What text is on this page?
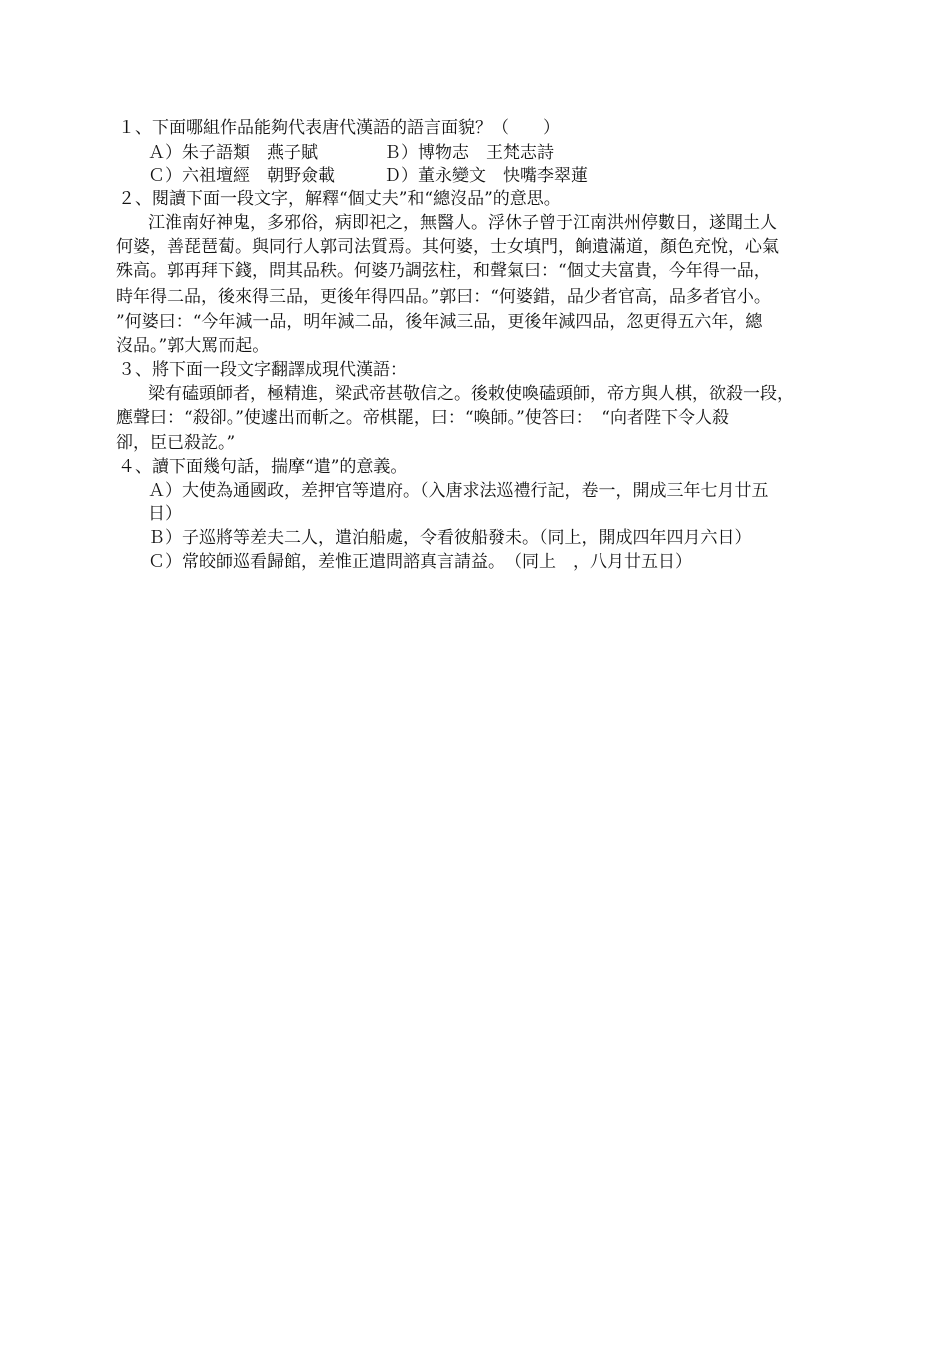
１、下面哪組作品能夠代表唐代漢語的語言面貌？（　　）
Ａ）朱子語類　燕子賦	Ｂ）博物志　王梵志詩
Ｃ）六祖壇經　朝野僉載	Ｄ）董永變文　快嘴李翠蓮
２、閱讀下面一段文字，解釋“個丈夫”和“總沒品”的意思。
江淮南好神鬼，多邪俗，病即祀之，無醫人。浮休子曾于江南洪州停數日，遂聞土人
何婆，善琵琶蔔。與同行人郭司法質焉。其何婆，士女填門，餉遺滿道，顏色充悅，心氣
殊高。郭再拜下錢，問其品秩。何婆乃調弦柱，和聲氣曰：“個丈夫富貴，今年得一品，
時年得二品，後來得三品，更後年得四品。”郭曰：“何婆錯，品少者官高，品多者官小。
”何婆曰：“今年減一品，明年減二品，後年減三品，更後年減四品，忽更得五六年，總
沒品。”郭大罵而起。
３、將下面一段文字翻譯成現代漢語：
梁有磕頭師者，極精進，梁武帝甚敬信之。後敕使喚磕頭師，帝方與人棋，欲殺一段，
應聲曰：“殺卻。”使遽出而斬之。帝棋罷，曰：“喚師。”使答曰：　“向者陛下令人殺
卻，臣已殺訖。”
４、讀下面幾句話，揣摩“遣”的意義。
Ａ）大使為通國政，差押官等遣府。（入唐求法巡禮行記，卷一，開成三年七月廿五
日）
Ｂ）子巡將等差夫二人，遣泊船處，令看彼船發未。（同上，開成四年四月六日）
Ｃ）常皎師巡看歸館，差惟正遣問諮真言請益。　（同上　，八月廿五日）
